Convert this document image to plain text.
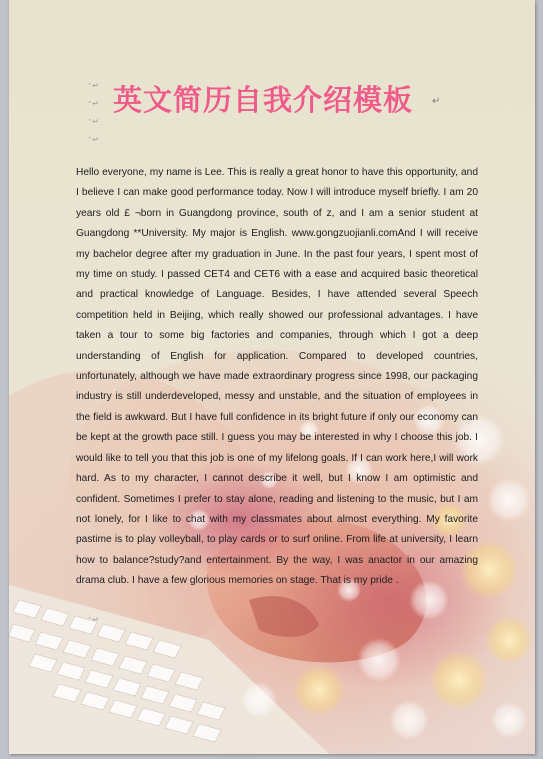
·↵
·↵
·↵
·↵
英文简历自我介绍模板 ↵
Hello everyone, my name is Lee. This is really a great honor to have this opportunity, and I believe I can make good performance today. Now I will introduce myself briefly. I am 20 years old £ ¬born in Guangdong province, south of z, and I am a senior student at Guangdong **University. My major is English. www.gongzuojianli.comAnd I will receive my bachelor degree after my graduation in June. In the past four years, I spent most of my time on study. I passed CET4 and CET6 with a ease and acquired basic theoretical and practical knowledge of Language. Besides, I have attended several Speech competition held in Beijing, which really showed our professional advantages. I have taken a tour to some big factories and companies, through which I got a deep understanding of English for application. Compared to developed countries, unfortunately, although we have made extraordinary progress since 1998, our packaging industry is still underdeveloped, messy and unstable, and the situation of employees in the field is awkward. But I have full confidence in its bright future if only our economy can be kept at the growth pace still. I guess you may be interested in why I choose this job. I would like to tell you that this job is one of my lifelong goals. If I can work here,I will work hard. As to my character, I cannot describe it well, but I know I am optimistic and confident. Sometimes I prefer to stay alone, reading and listening to the music, but I am not lonely, for I like to chat with my classmates about almost everything. My favorite pastime is to play volleyball, to play cards or to surf online. From life at university, I learn how to balance?study?and entertainment. By the way, I was anactor in our amazing drama club. I have a few glorious memories on stage. That is my pride .
·↵
